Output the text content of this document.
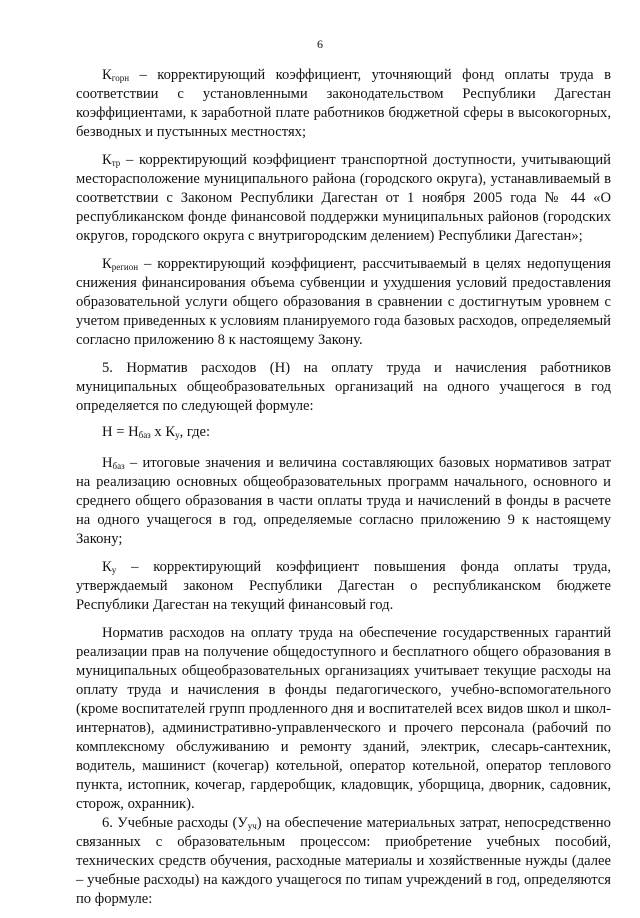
6

$К_{горн}$ – корректирующий коэффициент, уточняющий фонд оплаты труда в соответствии с установленными законодательством Республики Дагестан коэффициентами, к заработной плате работников бюджетной сферы в высокогорных, безводных и пустынных местностях;

$К_{тр}$ – корректирующий коэффициент транспортной доступности, учитывающий месторасположение муниципального района (городского округа), устанавливаемый в соответствии с Законом Республики Дагестан от 1 ноября 2005 года № 44 «О республиканском фонде финансовой поддержки муниципальных районов (городских округов, городского округа с внутригородским делением) Республики Дагестан»;

$К_{регион}$ – корректирующий коэффициент, рассчитываемый в целях недопущения снижения финансирования объема субвенции и ухудшения условий предоставления образовательной услуги общего образования в сравнении с достигнутым уровнем с учетом приведенных к условиям планируемого года базовых расходов, определяемый согласно приложению 8 к настоящему Закону.

5. Норматив расходов (Н) на оплату труда и начисления работников муниципальных общеобразовательных организаций на одного учащегося в год определяется по следующей формуле:

$Н = Н_{баз}$ х $К_у$, где:

$Н_{баз}$ – итоговые значения и величина составляющих базовых нормативов затрат на реализацию основных общеобразовательных программ начального, основного и среднего общего образования в части оплаты труда и начислений в фонды в расчете на одного учащегося в год, определяемые согласно приложению 9 к настоящему Закону;

$К_у$ – корректирующий коэффициент повышения фонда оплаты труда, утверждаемый законом Республики Дагестан о республиканском бюджете Республики Дагестан на текущий финансовый год.

Норматив расходов на оплату труда на обеспечение государственных гарантий реализации прав на получение общедоступного и бесплатного общего образования в муниципальных общеобразовательных организациях учитывает текущие расходы на оплату труда и начисления в фонды педагогического, учебно-вспомогательного (кроме воспитателей групп продленного дня и воспитателей всех видов школ и школ-интернатов), административно-управленческого и прочего персонала (рабочий по комплексному обслуживанию и ремонту зданий, электрик, слесарь-сантехник, водитель, машинист (кочегар) котельной, оператор котельной, оператор теплового пункта, истопник, кочегар, гардеробщик, кладовщик, уборщица, дворник, садовник, сторож, охранник).

6. Учебные расходы $(У_{уч})$ на обеспечение материальных затрат, непосредственно связанных с образовательным процессом: приобретение учебных пособий, технических средств обучения, расходные материалы и хозяйственные нужды (далее – учебные расходы) на каждого учащегося по типам учреждений в год, определяются по формуле:
